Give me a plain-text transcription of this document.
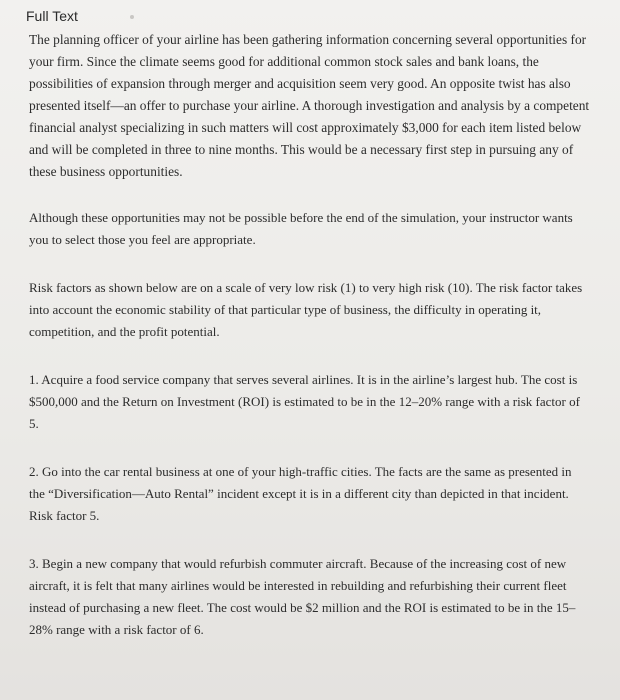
Full Text

The planning officer of your airline has been gathering information concerning several opportunities for your firm. Since the climate seems good for additional common stock sales and bank loans, the possibilities of expansion through merger and acquisition seem very good. An opposite twist has also presented itself—an offer to purchase your airline. A thorough investigation and analysis by a competent financial analyst specializing in such matters will cost approximately $3,000 for each item listed below and will be completed in three to nine months. This would be a necessary first step in pursuing any of these business opportunities.

Although these opportunities may not be possible before the end of the simulation, your instructor wants you to select those you feel are appropriate.

Risk factors as shown below are on a scale of very low risk (1) to very high risk (10). The risk factor takes into account the economic stability of that particular type of business, the difficulty in operating it, competition, and the profit potential.

1. Acquire a food service company that serves several airlines. It is in the airline’s largest hub. The cost is $500,000 and the Return on Investment (ROI) is estimated to be in the 12–20% range with a risk factor of 5.

2. Go into the car rental business at one of your high-traffic cities. The facts are the same as presented in the “Diversification—Auto Rental” incident except it is in a different city than depicted in that incident. Risk factor 5.

3. Begin a new company that would refurbish commuter aircraft. Because of the increasing cost of new aircraft, it is felt that many airlines would be interested in rebuilding and refurbishing their current fleet instead of purchasing a new fleet. The cost would be $2 million and the ROI is estimated to be in the 15–28% range with a risk factor of 6.
